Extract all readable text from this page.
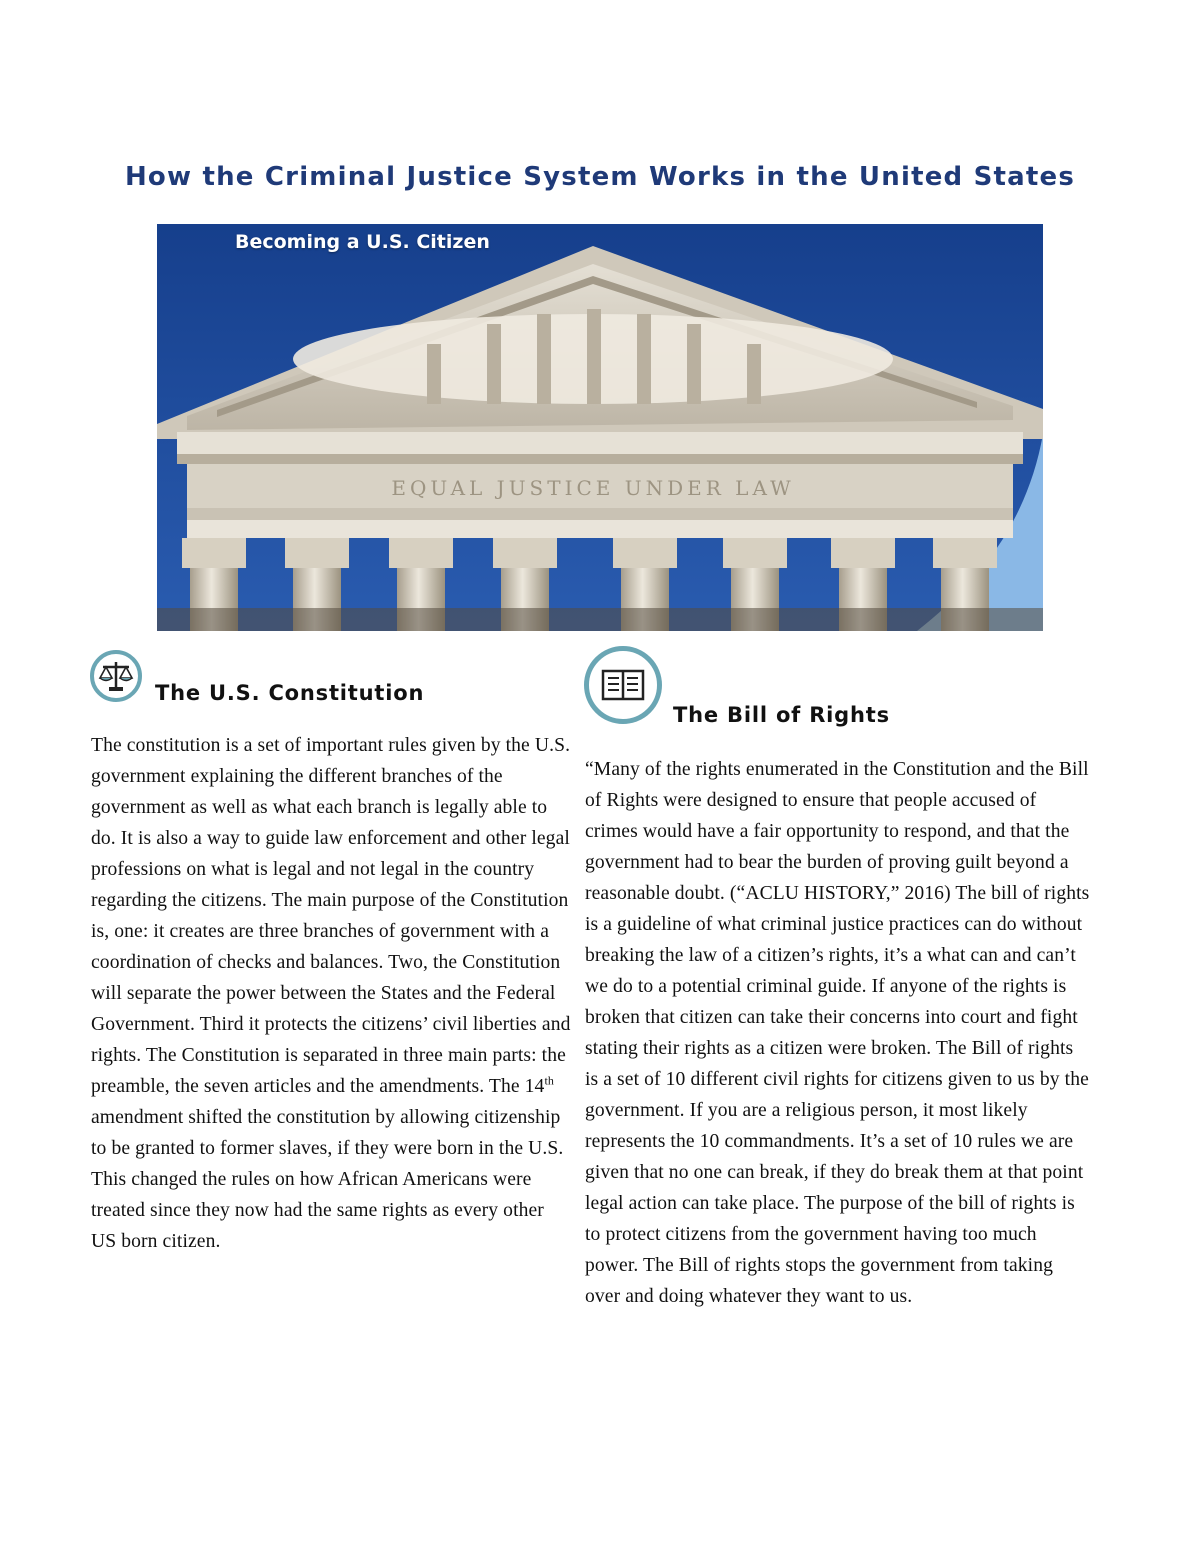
How the Criminal Justice System Works in the United States
EQUAL JUSTICE UNDER LAW
Becoming a U.S. Citizen
The U.S. Constitution

The constitution is a set of important rules given by the U.S. government explaining the different branches of the government as well as what each branch is legally able to do. It is also a way to guide law enforcement and other legal professions on what is legal and not legal in the country regarding the citizens. The main purpose of the Constitution is, one: it creates are three branches of government with a coordination of checks and balances. Two, the Constitution will separate the power between the States and the Federal Government. Third it protects the citizens’ civil liberties and rights. The Constitution is separated in three main parts: the preamble, the seven articles and the amendments. The 14th amendment shifted the constitution by allowing citizenship to be granted to former slaves, if they were born in the U.S. This changed the rules on how African Americans were treated since they now had the same rights as every other US born citizen.

The Bill of Rights

“Many of the rights enumerated in the Constitution and the Bill of Rights were designed to ensure that people accused of crimes would have a fair opportunity to respond, and that the government had to bear the burden of proving guilt beyond a reasonable doubt. (“ACLU HISTORY,” 2016) The bill of rights is a guideline of what criminal justice practices can do without breaking the law of a citizen’s rights, it’s a what can and can’t we do to a potential criminal guide. If anyone of the rights is broken that citizen can take their concerns into court and fight stating their rights as a citizen were broken. The Bill of rights is a set of 10 different civil rights for citizens given to us by the government. If you are a religious person, it most likely represents the 10 commandments. It’s a set of 10 rules we are given that no one can break, if they do break them at that point legal action can take place. The purpose of the bill of rights is to protect citizens from the government having too much power. The Bill of rights stops the government from taking over and doing whatever they want to us.
